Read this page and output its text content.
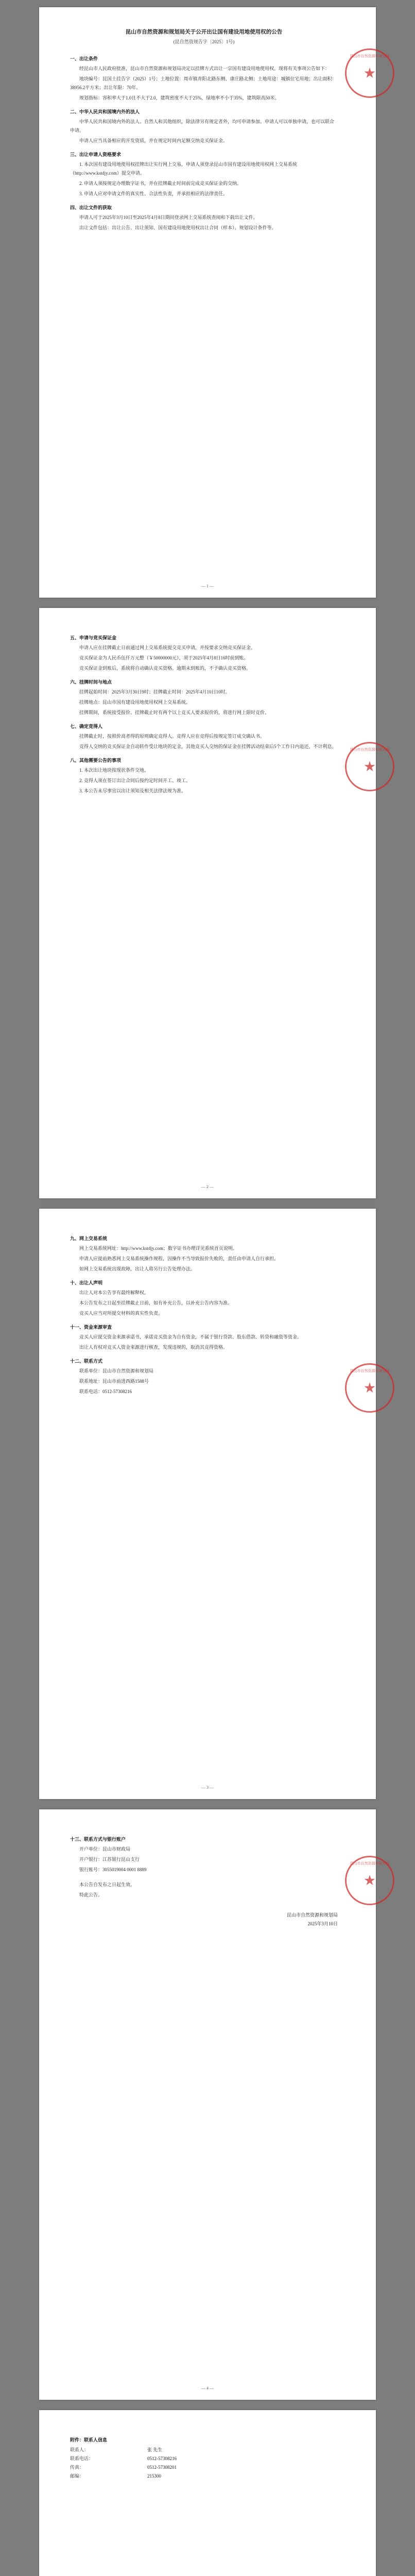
昆山市自然资源和规划局关于公开出让国有建设用地使用权的公告
(昆自然资规告字〔2025〕1号)
一、出让条件

经昆山市人民政府批准，昆山市自然资源和规划局决定以挂牌方式出让一宗国有建设用地使用权。现将有关事项公告如下：

地块编号：昆国土挂告字（2025）1号；土地位置：周市镇青阳北路东侧、康庄路北侧；土地用途：城镇住宅用地；出让面积：38956.2平方米；出让年限：70年。

规划指标：容积率大于1.0且不大于2.0，建筑密度不大于25%，绿地率不小于35%，建筑限高50米。

二、中华人民共和国境内外的法人

中华人民共和国境内外的法人、自然人和其他组织，除法律另有规定者外，均可申请参加。申请人可以单独申请，也可以联合申请。

申请人应当具备相应的开发资质，并在规定时间内足额交纳竞买保证金。

三、出让申请人资格要求

1. 本次国有建设用地使用权挂牌出让实行网上交易，申请人须登录昆山市国有建设用地使用权网上交易系统（http://www.kstdjy.com）提交申请。

2. 申请人须按规定办理数字证书，并在挂牌截止时间前完成竞买保证金的交纳。

3. 申请人应对申请文件的真实性、合法性负责，并承担相应的法律责任。

四、出让文件的获取

申请人可于2025年3月10日至2025年4月8日期间登录网上交易系统查阅和下载出让文件。

出让文件包括：出让公告、出让须知、国有建设用地使用权出让合同（样本）、规划设计条件等。

昆山市自然资源和规划局
— 1 —
五、申请与竞买保证金

申请人应在挂牌截止日前通过网上交易系统提交竞买申请，并按要求交纳竞买保证金。

竞买保证金为人民币伍仟万元整（￥50000000元），须于2025年4月8日16时前到账。

竞买保证金到账后，系统将自动确认竞买资格。逾期未到账的，不予确认竞买资格。

六、挂牌时间与地点

挂牌起始时间：2025年3月30日9时；挂牌截止时间：2025年4月10日10时。

挂牌地点：昆山市国有建设用地使用权网上交易系统。

挂牌期间，系统接受报价。挂牌截止时有两个以上竞买人要求报价的，将进行网上限时竞价。

七、确定竞得人

挂牌截止时，按照价高者得的原则确定竞得人。竞得人应在竞得后按规定签订成交确认书。

竞得人交纳的竞买保证金自动转作受让地块的定金，其他竞买人交纳的保证金在挂牌活动结束后5个工作日内退还，不计利息。

八、其他需要公告的事项

1. 本次出让地块按现状条件交地。

2. 竞得人须在签订出让合同后按约定时间开工、竣工。

3. 本公告未尽事宜以出让须知及相关法律法规为准。

昆山市自然资源和规划局
— 2 —
九、网上交易系统

网上交易系统网址：http://www.kstdjy.com；数字证书办理详见系统首页说明。

申请人应提前熟悉网上交易系统操作规程，因操作不当导致报价失败的，责任由申请人自行承担。

如网上交易系统出现故障，出让人将另行公告处理办法。

十、出让人声明

出让人对本公告享有最终解释权。

本公告发布之日起至挂牌截止日前，如有补充公告，以补充公告内容为准。

竞买人应当对所提交材料的真实性负责。

十一、资金来源审查

竞买人应提交资金来源承诺书，承诺竞买资金为自有资金，不属于银行贷款、股东借款、转贷和融资等资金。

出让人有权对竞买人资金来源进行核查，发现违规的，取消其竞得资格。

十二、联系方式

联系单位：昆山市自然资源和规划局

联系地址：昆山市前进西路1588号

联系电话：0512-57308216

昆山市自然资源和规划局
— 3 —
十三、联系方式与银行账户

开户单位：昆山市财政局

开户银行：江苏银行昆山支行

银行账号：3055019004 0001 8889

本公告自发布之日起生效。

特此公告。

昆山市自然资源和规划局
2025年3月10日
昆山市自然资源和规划局
— 4 —
附件：联系人信息
联系人：	张 先生
联系电话：	0512-57308216
传真：	0512-57308201
邮编：	215300
